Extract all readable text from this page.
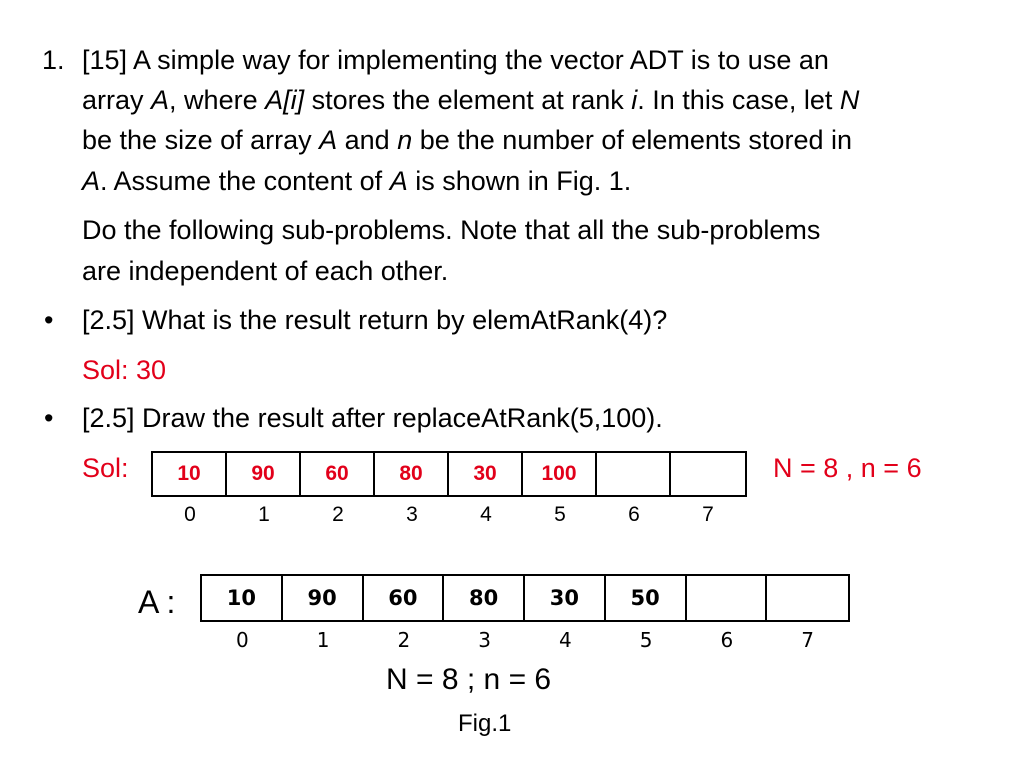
1. [15] A simple way for implementing the vector ADT is to use an
array A, where A[i] stores the element at rank i. In this case, let N
be the size of array A and n be the number of elements stored in
A. Assume the content of A is shown in Fig. 1.
Do the following sub-problems. Note that all the sub-problems
are independent of each other.
• [2.5] What is the result return by elemAtRank(4)?
Sol: 30
• [2.5] Draw the result after replaceAtRank(5,100).
Sol:	10	90	60	80	30	100
0	1	2	3	4	5	6	7
N = 8 , n = 6
A :	10	90	60	80	30	50
0	1	2	3	4	5	6	7
N = 8 ; n = 6
Fig.1
